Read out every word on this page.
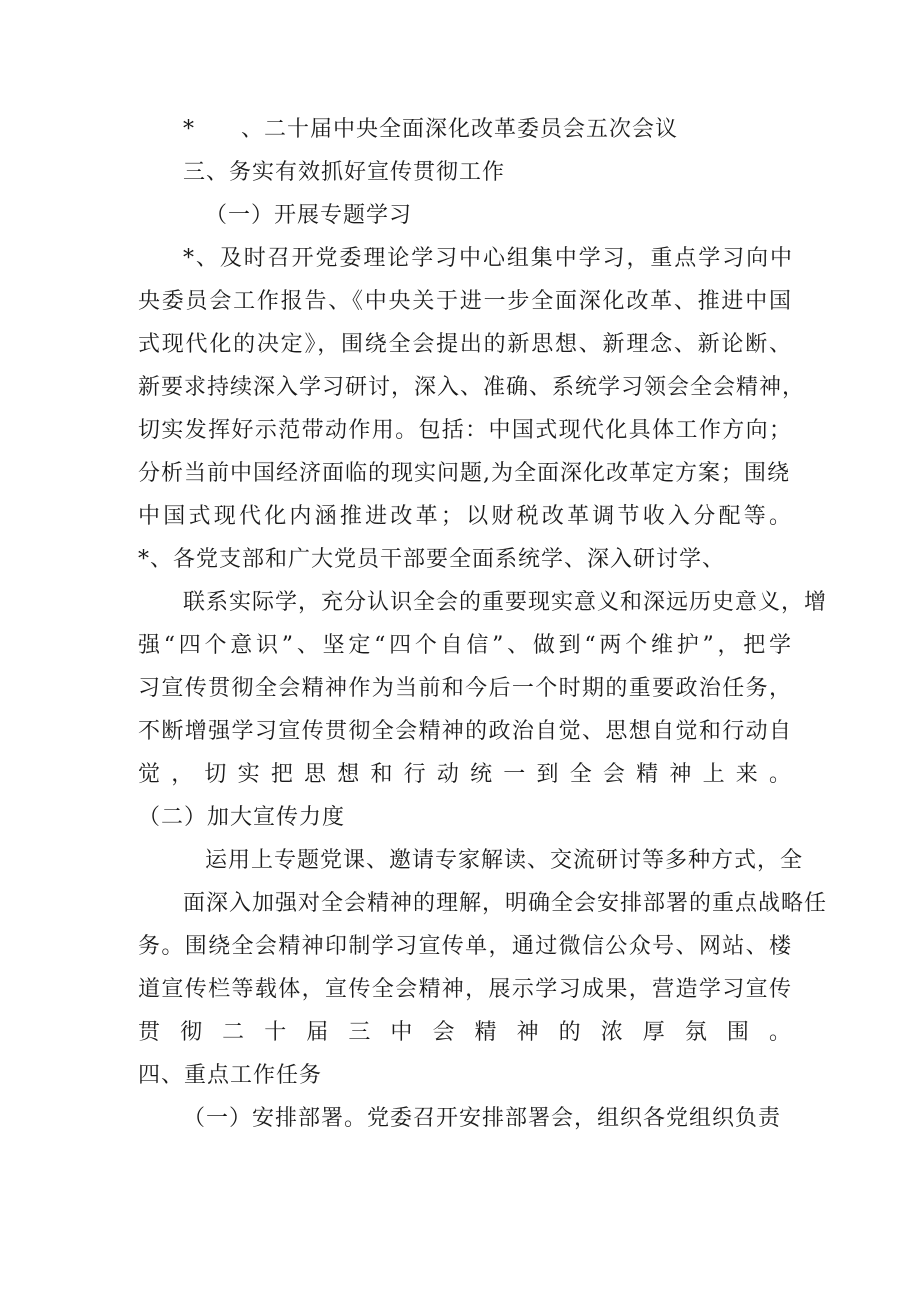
*　　、二十届中央全面深化改革委员会五次会议
三、务实有效抓好宣传贯彻工作
（一）开展专题学习
*、及时召开党委理论学习中心组集中学习，重点学习向中
央委员会工作报告、《中央关于进一步全面深化改革、推进中国
式现代化的决定》，围绕全会提出的新思想、新理念、新论断、
新要求持续深入学习研讨，深入、准确、系统学习领会全会精神，
切实发挥好示范带动作用。包括：中国式现代化具体工作方向；
分析当前中国经济面临的现实问题,为全面深化改革定方案；围绕
中国式现代化内涵推进改革；以财税改革调节收入分配等。
*、各党支部和广大党员干部要全面系统学、深入研讨学、
联系实际学，充分认识全会的重要现实意义和深远历史意义，增
强“四个意识”、坚定“四个自信”、做到“两个维护”，把学
习宣传贯彻全会精神作为当前和今后一个时期的重要政治任务，
不断增强学习宣传贯彻全会精神的政治自觉、思想自觉和行动自
觉，切实把思想和行动统一到全会精神上来。
（二）加大宣传力度
运用上专题党课、邀请专家解读、交流研讨等多种方式，全
面深入加强对全会精神的理解，明确全会安排部署的重点战略任
务。围绕全会精神印制学习宣传单，通过微信公众号、网站、楼
道宣传栏等载体，宣传全会精神，展示学习成果，营造学习宣传
贯彻二十届三中会精神的浓厚氛围。
四、重点工作任务
（一）安排部署。党委召开安排部署会，组织各党组织负责
